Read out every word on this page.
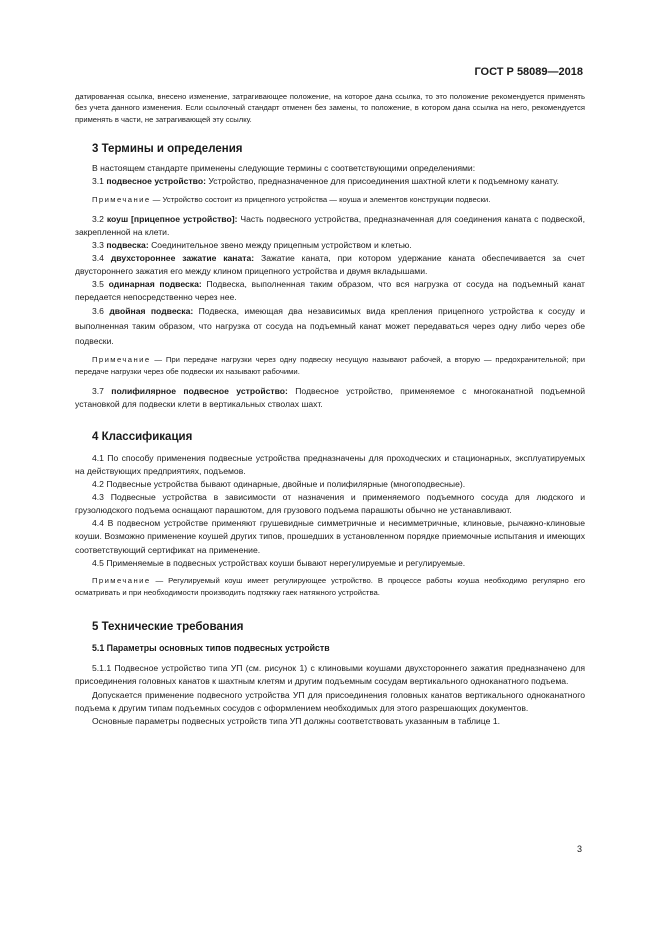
ГОСТ Р 58089—2018

датированная ссылка, внесено изменение, затрагивающее положение, на которое дана ссылка, то это положение рекомендуется применять без учета данного изменения. Если ссылочный стандарт отменен без замены, то положение, в котором дана ссылка на него, рекомендуется применять в части, не затрагивающей эту ссылку.

3 Термины и определения

В настоящем стандарте применены следующие термины с соответствующими определениями:

3.1 подвесное устройство: Устройство, предназначенное для присоединения шахтной клети к подъемному канату.

Примечание — Устройство состоит из прицепного устройства — коуша и элементов конструкции подвески.

3.2 коуш [прицепное устройство]: Часть подвесного устройства, предназначенная для соединения каната с подвеской, закрепленной на клети.

3.3 подвеска: Соединительное звено между прицепным устройством и клетью.

3.4 двухстороннее зажатие каната: Зажатие каната, при котором удержание каната обеспечивается за счет двустороннего зажатия его между клином прицепного устройства и двумя вкладышами.

3.5 одинарная подвеска: Подвеска, выполненная таким образом, что вся нагрузка от сосуда на подъемный канат передается непосредственно через нее.

3.6 двойная подвеска: Подвеска, имеющая два независимых вида крепления прицепного устройства к сосуду и выполненная таким образом, что нагрузка от сосуда на подъемный канат может передаваться через одну либо через обе подвески.

Примечание — При передаче нагрузки через одну подвеску несущую называют рабочей, а вторую — предохранительной; при передаче нагрузки через обе подвески их называют рабочими.

3.7 полифилярное подвесное устройство: Подвесное устройство, применяемое с многоканатной подъемной установкой для подвески клети в вертикальных стволах шахт.

4 Классификация

4.1 По способу применения подвесные устройства предназначены для проходческих и стационарных, эксплуатируемых на действующих предприятиях, подъемов.

4.2 Подвесные устройства бывают одинарные, двойные и полифилярные (многоподвесные).

4.3 Подвесные устройства в зависимости от назначения и применяемого подъемного сосуда для людского и грузолюдского подъема оснащают парашютом, для грузового подъема парашюты обычно не устанавливают.

4.4 В подвесном устройстве применяют грушевидные симметричные и несимметричные, клиновые, рычажно-клиновые коуши. Возможно применение коушей других типов, прошедших в установленном порядке приемочные испытания и имеющих соответствующий сертификат на применение.

4.5 Применяемые в подвесных устройствах коуши бывают нерегулируемые и регулируемые.

Примечание — Регулируемый коуш имеет регулирующее устройство. В процессе работы коуша необходимо регулярно его осматривать и при необходимости производить подтяжку гаек натяжного устройства.

5 Технические требования
5.1 Параметры основных типов подвесных устройств

5.1.1 Подвесное устройство типа УП (см. рисунок 1) с клиновыми коушами двухстороннего зажатия предназначено для присоединения головных канатов к шахтным клетям и другим подъемным сосудам вертикального одноканатного подъема.

Допускается применение подвесного устройства УП для присоединения головных канатов вертикального одноканатного подъема к другим типам подъемных сосудов с оформлением необходимых для этого разрешающих документов.

Основные параметры подвесных устройств типа УП должны соответствовать указанным в таблице 1.

3
